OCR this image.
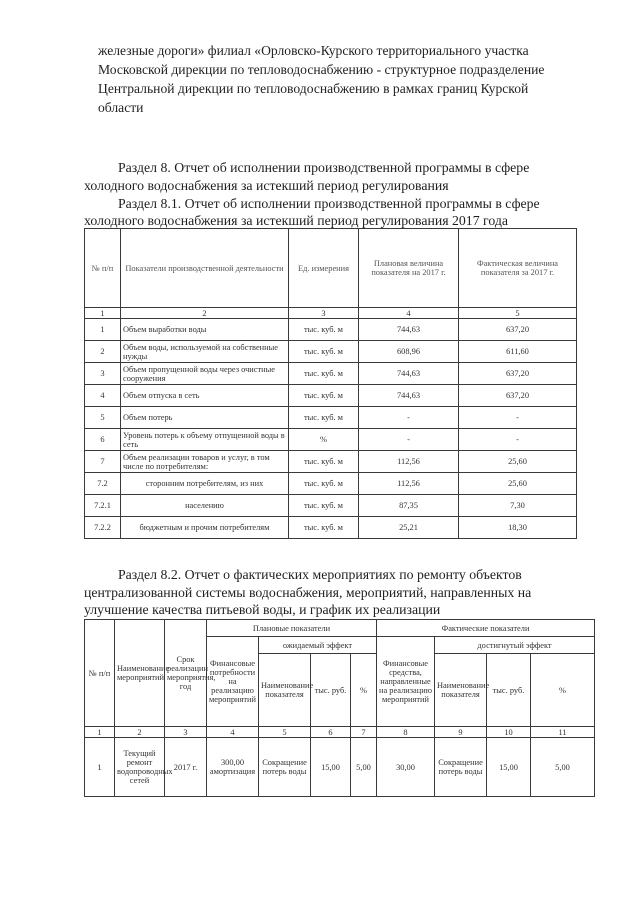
железные дороги» филиал «Орловско-Курского территориального участка
Московской дирекции по тепловодоснабжению - структурное подразделение
Центральной дирекции по тепловодоснабжению в рамках границ Курской
области
Раздел 8. Отчет об исполнении производственной программы в сфере
холодного водоснабжения за истекший период регулирования
Раздел 8.1. Отчет об исполнении производственной программы в сфере
холодного водоснабжения за истекший период регулирования 2017 года
№ п/п	Показатели производственной деятельности	Ед. измерения	Плановая величина показателя на 2017 г.	Фактическая величина показателя за 2017 г.
1	2	3	4	5
1	Объем выработки воды	тыс. куб. м	744,63	637,20
2	Объем воды, используемой на собственные нужды	тыс. куб. м	608,96	611,60
3	Объем пропущенной воды через очистные сооружения	тыс. куб. м	744,63	637,20
4	Объем отпуска в сеть	тыс. куб. м	744,63	637,20
5	Объем потерь	тыс. куб. м	-	-
6	Уровень потерь к объему отпущенной воды в сеть	%	-	-
7	Объем реализации товаров и услуг, в том числе по потребителям:	тыс. куб. м	112,56	25,60
7.2	сторонним потребителям, из них	тыс. куб. м	112,56	25,60
7.2.1	населению	тыс. куб. м	87,35	7,30
7.2.2	бюджетным и прочим потребителям	тыс. куб. м	25,21	18,30
Раздел 8.2. Отчет о фактических мероприятиях по ремонту объектов
централизованной системы водоснабжения, мероприятий, направленных на
улучшение качества питьевой воды, и график их реализации
№ п/п	Наименование мероприятий	Срок реализации мероприятия, год	Плановые показатели				Фактические показатели			
			Финансовые потребности на реализацию мероприятий	ожидаемый эффект			Финансовые средства, направленные на реализацию мероприятий	достигнутый эффект		
				Наименование показателя	тыс. руб.	%		Наименование показателя	тыс. руб.	%
1	2	3	4	5	6	7	8	9	10	11
1	Текущий ремонт водопроводных сетей	2017 г.	300,00 амортизация	Сокращение потерь воды	15,00	5,00	30,00	Сокращение потерь воды	15,00	5,00
